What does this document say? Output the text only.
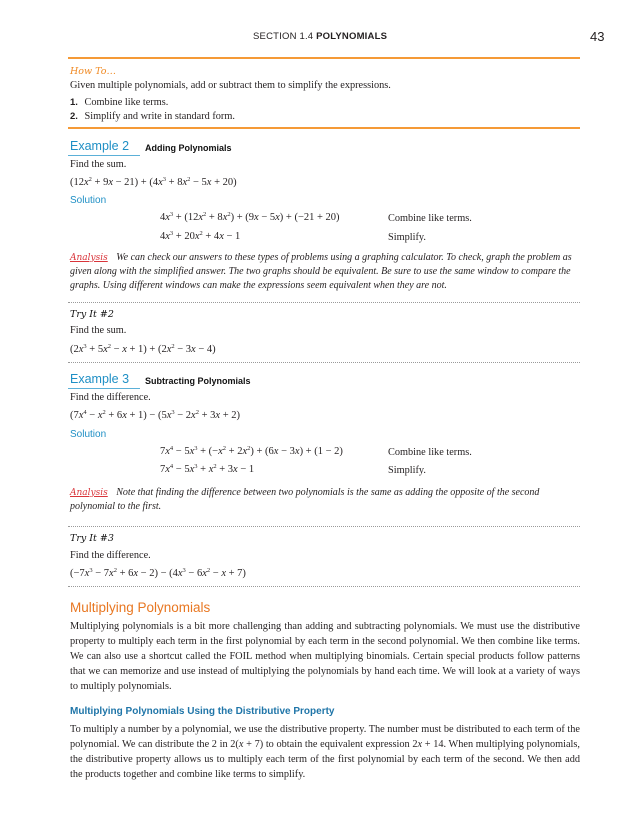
SECTION 1.4 POLYNOMIALS	43
How To…
Given multiple polynomials, add or subtract them to simplify the expressions.
1. Combine like terms.
2. Simplify and write in standard form.
Example 2 Adding Polynomials
Find the sum.
$(12x^2 + 9x - 21) + (4x^3 + 8x^2 - 5x + 20)$
Solution
$4x^3 + (12x^2 + 8x^2) + (9x - 5x) + (-21 + 20)$	Combine like terms.
$4x^3 + 20x^2 + 4x - 1$	Simplify.
Analysis We can check our answers to these types of problems using a graphing calculator. To check, graph the problem as given along with the simplified answer. The two graphs should be equivalent. Be sure to use the same window to compare the graphs. Using different windows can make the expressions seem equivalent when they are not.
Try It #2
Find the sum.
$(2x^3 + 5x^2 - x + 1) + (2x^2 - 3x - 4)$
Example 3 Subtracting Polynomials
Find the difference.
$(7x^4 - x^2 + 6x + 1) - (5x^3 - 2x^2 + 3x + 2)$
Solution
$7x^4 - 5x^3 + (-x^2 + 2x^2) + (6x - 3x) + (1 - 2)$	Combine like terms.
$7x^4 - 5x^3 + x^2 + 3x - 1$	Simplify.
Analysis Note that finding the difference between two polynomials is the same as adding the opposite of the second polynomial to the first.
Try It #3
Find the difference.
$(-7x^3 - 7x^2 + 6x - 2) - (4x^3 - 6x^2 - x + 7)$
Multiplying Polynomials
Multiplying polynomials is a bit more challenging than adding and subtracting polynomials. We must use the distributive property to multiply each term in the first polynomial by each term in the second polynomial. We then combine like terms. We can also use a shortcut called the FOIL method when multiplying binomials. Certain special products follow patterns that we can memorize and use instead of multiplying the polynomials by hand each time. We will look at a variety of ways to multiply polynomials.
Multiplying Polynomials Using the Distributive Property
To multiply a number by a polynomial, we use the distributive property. The number must be distributed to each term of the polynomial. We can distribute the 2 in 2(x + 7) to obtain the equivalent expression 2x + 14. When multiplying polynomials, the distributive property allows us to multiply each term of the first polynomial by each term of the second. We then add the products together and combine like terms to simplify.
